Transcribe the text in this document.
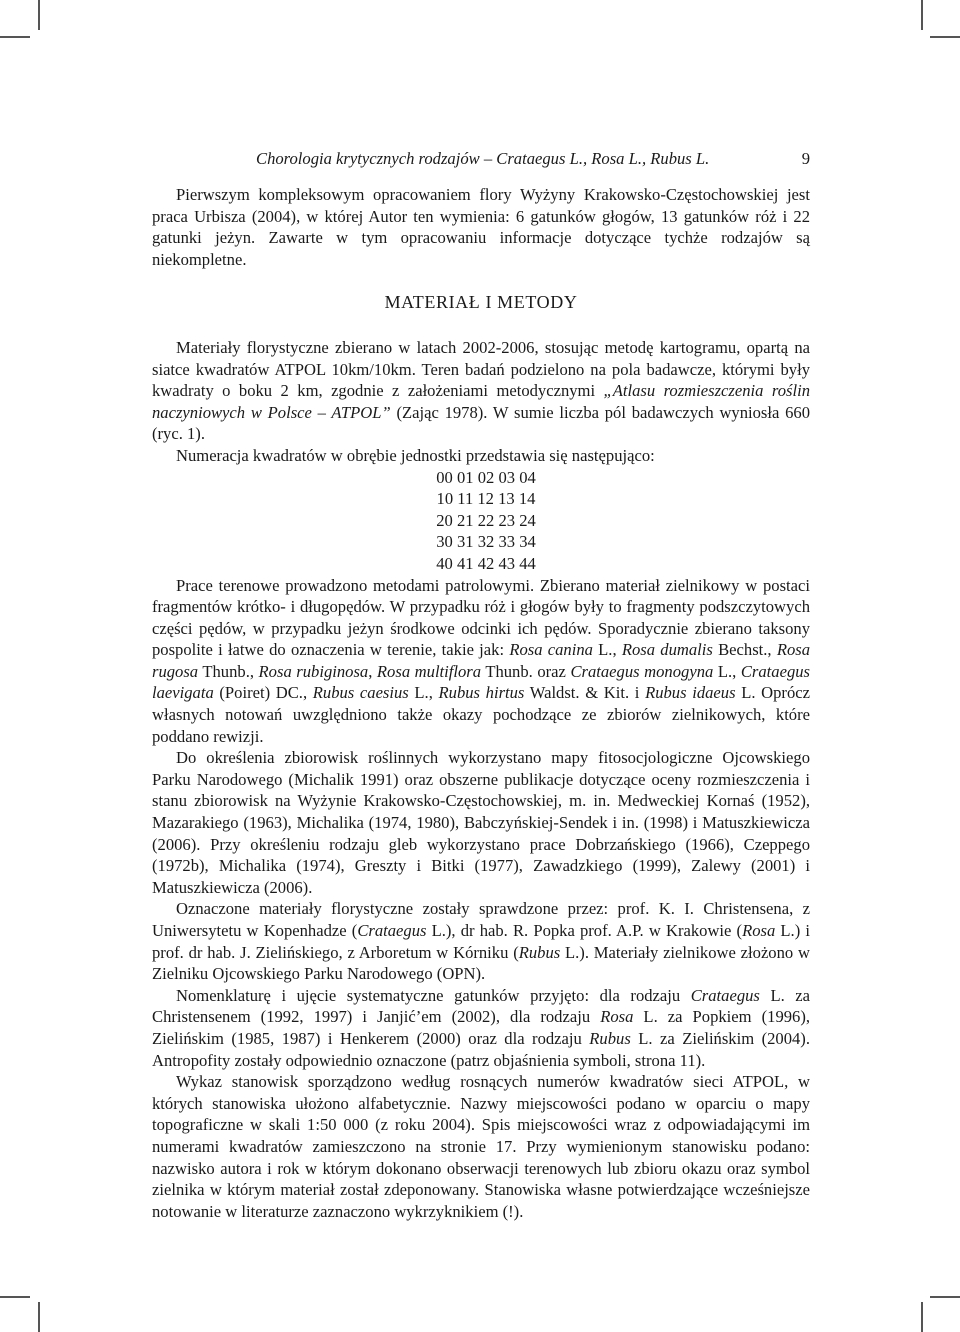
Chorologia krytycznych rodzajów – Crataegus L., Rosa L., Rubus L.	9

Pierwszym kompleksowym opracowaniem flory Wyżyny Krakowsko-Częstochowskiej jest praca Urbisza (2004), w której Autor ten wymienia: 6 gatunków głogów, 13 gatunków róż i 22 gatunki jeżyn. Zawarte w tym opracowaniu informacje dotyczące tychże rodzajów są niekompletne.

MATERIAŁ I METODY

Materiały florystyczne zbierano w latach 2002-2006, stosując metodę kartogramu, opartą na siatce kwadratów ATPOL 10km/10km. Teren badań podzielono na pola badawcze, którymi były kwadraty o boku 2 km, zgodnie z założeniami metodycznymi „Atlasu rozmieszczenia roślin naczyniowych w Polsce – ATPOL” (Zając 1978). W sumie liczba pól badawczych wyniosła 660 (ryc. 1).

Numeracja kwadratów w obrębie jednostki przedstawia się następująco:

00 01 02 03 04
10 11 12 13 14
20 21 22 23 24
30 31 32 33 34
40 41 42 43 44

Prace terenowe prowadzono metodami patrolowymi. Zbierano materiał zielnikowy w postaci fragmentów krótko- i długopędów. W przypadku róż i głogów były to fragmenty podszczytowych części pędów, w przypadku jeżyn środkowe odcinki ich pędów. Sporadycznie zbierano taksony pospolite i łatwe do oznaczenia w terenie, takie jak: Rosa canina L., Rosa dumalis Bechst., Rosa rugosa Thunb., Rosa rubiginosa, Rosa multiflora Thunb. oraz Crataegus monogyna L., Crataegus laevigata (Poiret) DC., Rubus caesius L., Rubus hirtus Waldst. & Kit. i Rubus idaeus L. Oprócz własnych notowań uwzględniono także okazy pochodzące ze zbiorów zielnikowych, które poddano rewizji.

Do określenia zbiorowisk roślinnych wykorzystano mapy fitosocjologiczne Ojcowskiego Parku Narodowego (Michalik 1991) oraz obszerne publikacje dotyczące oceny rozmieszczenia i stanu zbiorowisk na Wyżynie Krakowsko-Częstochowskiej, m. in. Medweckiej Kornaś (1952), Mazarakiego (1963), Michalika (1974, 1980), Babczyńskiej-Sendek i in. (1998) i Matuszkiewicza (2006). Przy określeniu rodzaju gleb wykorzystano prace Dobrzańskiego (1966), Czeppego (1972b), Michalika (1974), Greszty i Bitki (1977), Zawadzkiego (1999), Zalewy (2001) i Matuszkiewicza (2006).

Oznaczone materiały florystyczne zostały sprawdzone przez: prof. K. I. Christensena, z Uniwersytetu w Kopenhadze (Crataegus L.), dr hab. R. Popka prof. A.P. w Krakowie (Rosa L.) i prof. dr hab. J. Zielińskiego, z Arboretum w Kórniku (Rubus L.). Materiały zielnikowe złożono w Zielniku Ojcowskiego Parku Narodowego (OPN).

Nomenklaturę i ujęcie systematyczne gatunków przyjęto: dla rodzaju Crataegus L. za Christensenem (1992, 1997) i Janjić’em (2002), dla rodzaju Rosa L. za Popkiem (1996), Zielińskim (1985, 1987) i Henkerem (2000) oraz dla rodzaju Rubus L. za Zielińskim (2004). Antropofity zostały odpowiednio oznaczone (patrz objaśnienia symboli, strona 11).

Wykaz stanowisk sporządzono według rosnących numerów kwadratów sieci ATPOL, w których stanowiska ułożono alfabetycznie. Nazwy miejscowości podano w oparciu o mapy topograficzne w skali 1:50 000 (z roku 2004). Spis miejscowości wraz z odpowiadającymi im numerami kwadratów zamieszczono na stronie 17. Przy wymienionym stanowisku podano: nazwisko autora i rok w którym dokonano obserwacji terenowych lub zbioru okazu oraz symbol zielnika w którym materiał został zdeponowany. Stanowiska własne potwierdzające wcześniejsze notowanie w literaturze zaznaczono wykrzyknikiem (!).
